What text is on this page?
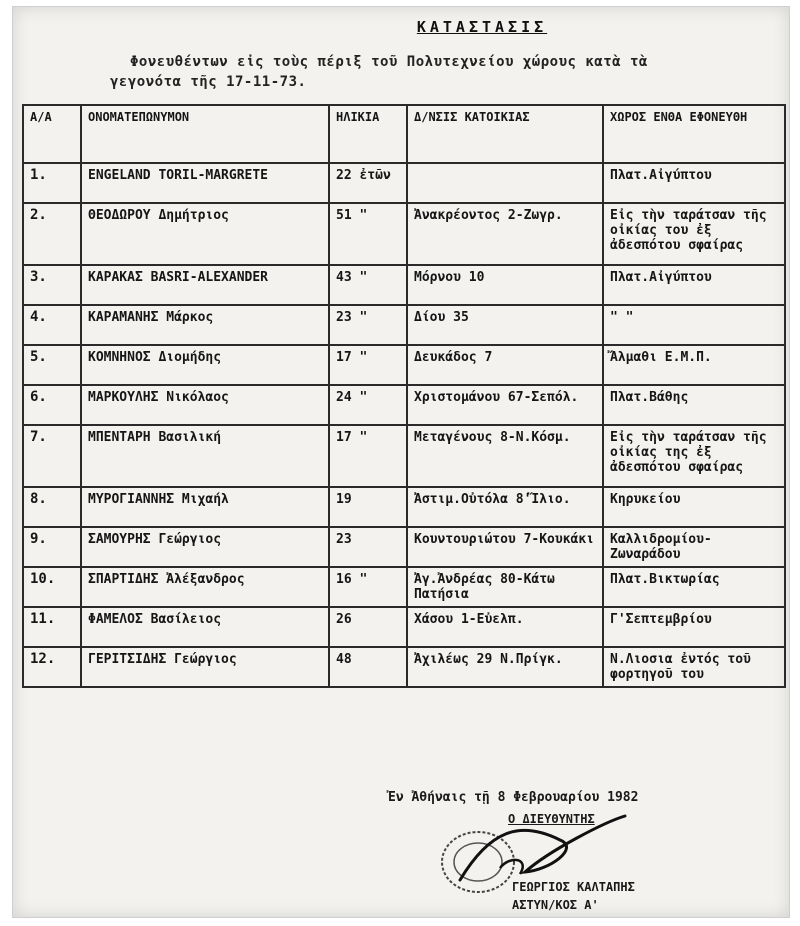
ΚΑΤΑΣΤΑΣΙΣ
Φονευθέντων εἰς τοὺς πέριξ τοῦ Πολυτεχνείου χώρους κατὰ τὰ
γεγονότα τῆς 17-11-73.
Α/Α	ΟΝΟΜΑΤΕΠΩΝΥΜΟΝ	ΗΛΙΚΙΑ	Δ/ΝΣΙΣ ΚΑΤΟΙΚΙΑΣ	ΧΩΡΟΣ ΕΝΘΑ ΕΦΟΝΕΥΘΗ
1.	ENGELAND TORIL-MARGRETE	22 ἐτῶν		Πλατ.Αἰγύπτου
2.	ΘΕΟΔΩΡΟΥ Δημήτριος	51 "	Ἀνακρέοντος 2-Ζωγρ.	Εἰς τὴν ταράτσαν τῆς οἰκίας του ἐξ ἀδεσπότου σφαίρας
3.	ΚΑΡΑΚΑΣ BASRI-ALEXANDER	43 "	Μόρνου 10	Πλατ.Αἰγύπτου
4.	ΚΑΡΑΜΑΝΗΣ Μάρκος	23 "	Δίου 35	" "
5.	ΚΟΜΝΗΝΟΣ Διομήδης	17 "	Δευκάδος 7	Ἄλμαθι Ε.Μ.Π.
6.	ΜΑΡΚΟΥΛΗΣ Νικόλαος	24 "	Χριστομάνου 67-Σεπόλ.	Πλατ.Βάθης
7.	ΜΠΕΝΤΑΡΗ Βασιλική	17 "	Μεταγένους 8-Ν.Κόσμ.	Εἰς τὴν ταράτσαν τῆς οἰκίας της ἐξ ἀδεσπότου σφαίρας
8.	ΜΥΡΟΓΙΑΝΝΗΣ Μιχαήλ	19	Ἀστιμ.Οὐτόλα 8'Ἴλιο.	Κηρυκείου
9.	ΣΑΜΟΥΡΗΣ Γεώργιος	23	Κουντουριώτου 7-Κουκάκι	Καλλιδρομίου-Ζωναράδου
10.	ΣΠΑΡΤΙΔΗΣ Ἀλέξανδρος	16 "	Ἀγ.Ἀνδρέας 80-Κάτω Πατήσια	Πλατ.Βικτωρίας
11.	ΦΑΜΕΛΟΣ Βασίλειος	26	Χάσου 1-Εὐελπ.	Γ'Σεπτεμβρίου
12.	ΓΕΡΙΤΣΙΔΗΣ Γεώργιος	48	Ἀχιλέως 29 Ν.Πρίγκ.	Ν.Λιοσια ἐντός τοῦ φορτηγοῦ του
Ἐν Ἀθήναις τῇ 8 Φεβρουαρίου 1982
Ο ΔΙΕΥΘΥΝΤΗΣ
ΓΕΩΡΓΙΟΣ ΚΑΛΤΑΠΗΣ
ΑΣΤΥΝ/ΚΟΣ Α'
